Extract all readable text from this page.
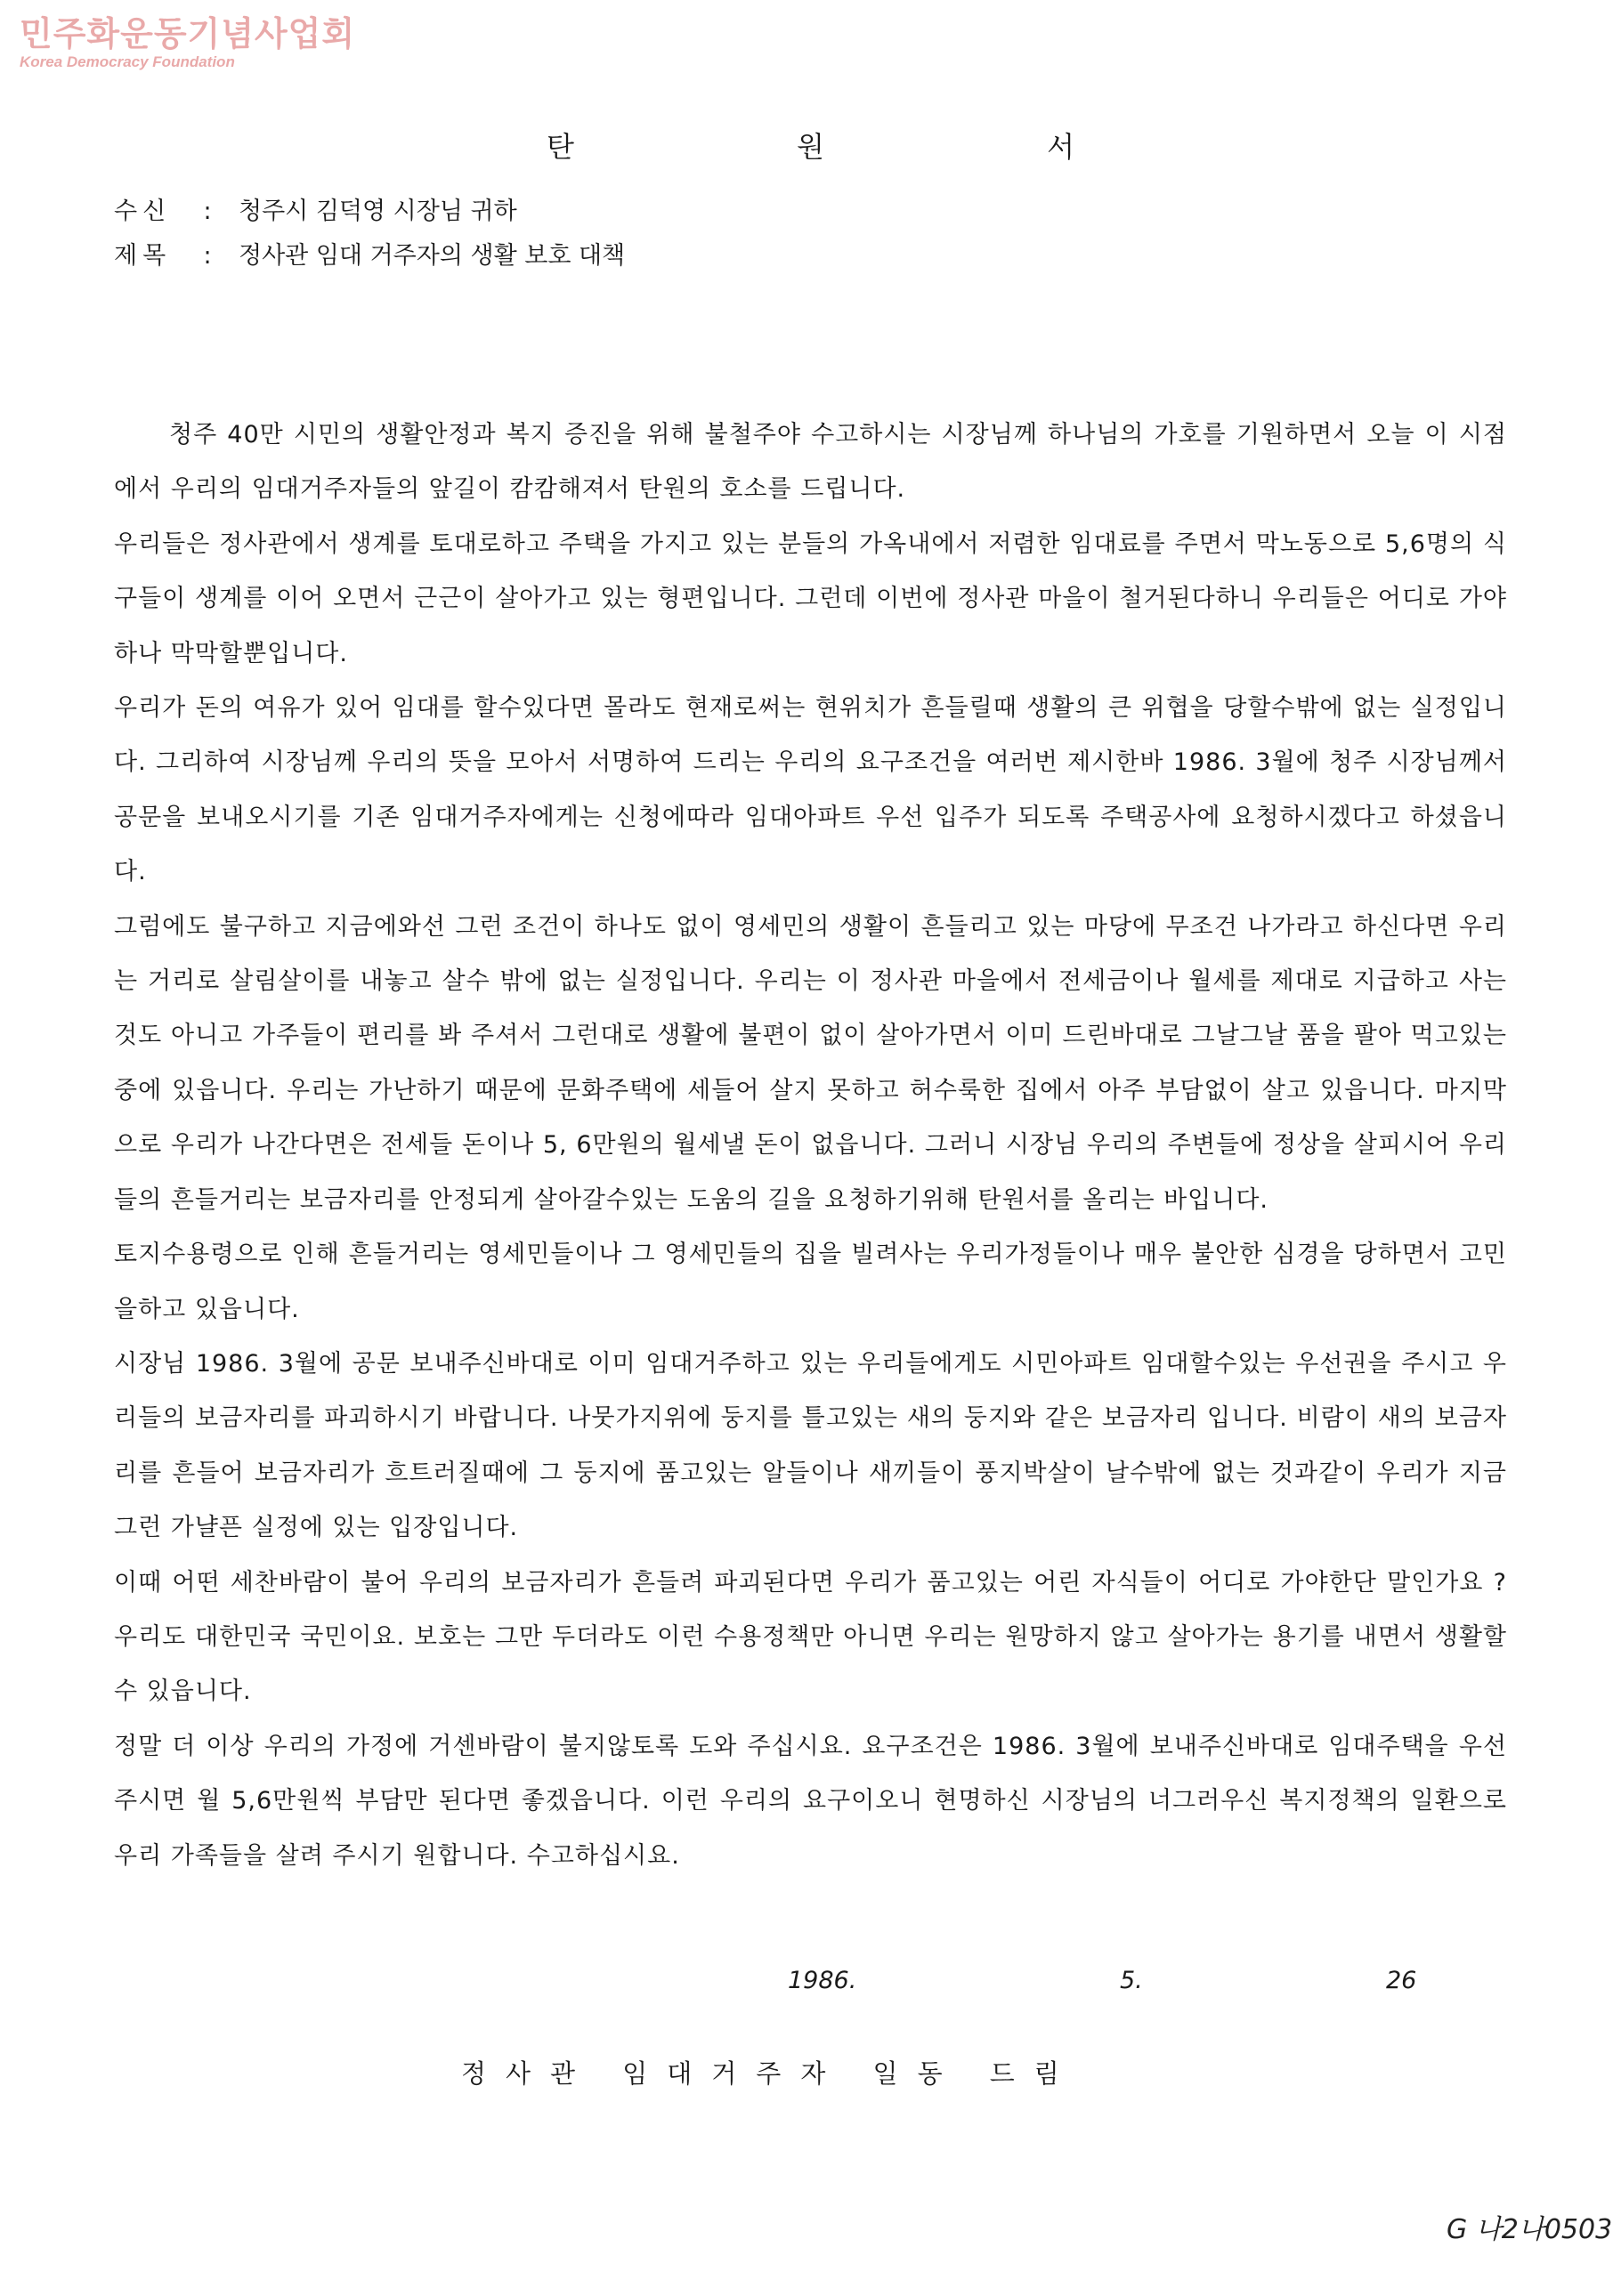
민주화운동기념사업회
Korea Democracy Foundation
탄 원 서
수신	:	청주시 김덕영 시장님 귀하
제목	:	정사관 임대 거주자의 생활 보호 대책

청주 40만 시민의 생활안정과 복지 증진을 위해 불철주야 수고하시는 시장님께 하나님의 가호를 기원하면서 오늘 이 시점에서 우리의 임대거주자들의 앞길이 캄캄해져서 탄원의 호소를 드립니다.

우리들은 정사관에서 생계를 토대로하고 주택을 가지고 있는 분들의 가옥내에서 저렴한 임대료를 주면서 막노동으로 5,6명의 식구들이 생계를 이어 오면서 근근이 살아가고 있는 형편입니다. 그런데 이번에 정사관 마을이 철거된다하니 우리들은 어디로 가야 하나 막막할뿐입니다.

우리가 돈의 여유가 있어 임대를 할수있다면 몰라도 현재로써는 현위치가 흔들릴때 생활의 큰 위협을 당할수밖에 없는 실정입니다. 그리하여 시장님께 우리의 뜻을 모아서 서명하여 드리는 우리의 요구조건을 여러번 제시한바 1986. 3월에 청주 시장님께서 공문을 보내오시기를 기존 임대거주자에게는 신청에따라 임대아파트 우선 입주가 되도록 주택공사에 요청하시겠다고 하셨읍니다.

그럼에도 불구하고 지금에와선 그런 조건이 하나도 없이 영세민의 생활이 흔들리고 있는 마당에 무조건 나가라고 하신다면 우리는 거리로 살림살이를 내놓고 살수 밖에 없는 실정입니다. 우리는 이 정사관 마을에서 전세금이나 월세를 제대로 지급하고 사는것도 아니고 가주들이 편리를 봐 주셔서 그런대로 생활에 불편이 없이 살아가면서 이미 드린바대로 그날그날 품을 팔아 먹고있는 중에 있읍니다. 우리는 가난하기 때문에 문화주택에 세들어 살지 못하고 허수룩한 집에서 아주 부담없이 살고 있읍니다. 마지막으로 우리가 나간다면은 전세들 돈이나 5, 6만원의 월세낼 돈이 없읍니다. 그러니 시장님 우리의 주변들에 정상을 살피시어 우리들의 흔들거리는 보금자리를 안정되게 살아갈수있는 도움의 길을 요청하기위해 탄원서를 올리는 바입니다.

토지수용령으로 인해 흔들거리는 영세민들이나 그 영세민들의 집을 빌려사는 우리가정들이나 매우 불안한 심경을 당하면서 고민을하고 있읍니다.

시장님 1986. 3월에 공문 보내주신바대로 이미 임대거주하고 있는 우리들에게도 시민아파트 임대할수있는 우선권을 주시고 우리들의 보금자리를 파괴하시기 바랍니다. 나뭇가지위에 둥지를 틀고있는 새의 둥지와 같은 보금자리 입니다. 비람이 새의 보금자리를 흔들어 보금자리가 흐트러질때에 그 둥지에 품고있는 알들이나 새끼들이 풍지박살이 날수밖에 없는 것과같이 우리가 지금 그런 가냘픈 실정에 있는 입장입니다.

이때 어떤 세찬바람이 불어 우리의 보금자리가 흔들려 파괴된다면 우리가 품고있는 어린 자식들이 어디로 가야한단 말인가요 ? 우리도 대한민국 국민이요. 보호는 그만 두더라도 이런 수용정책만 아니면 우리는 원망하지 않고 살아가는 용기를 내면서 생활할수 있읍니다.

정말 더 이상 우리의 가정에 거센바람이 불지않토록 도와 주십시요. 요구조건은 1986. 3월에 보내주신바대로 임대주택을 우선 주시면 월 5,6만원씩 부담만 된다면 좋겠읍니다. 이런 우리의 요구이오니 현명하신 시장님의 너그러우신 복지정책의 일환으로 우리 가족들을 살려 주시기 원합니다. 수고하십시요.

1986.	5.	26
정사관 임대거주자 일동 드림
G 나2나0503
